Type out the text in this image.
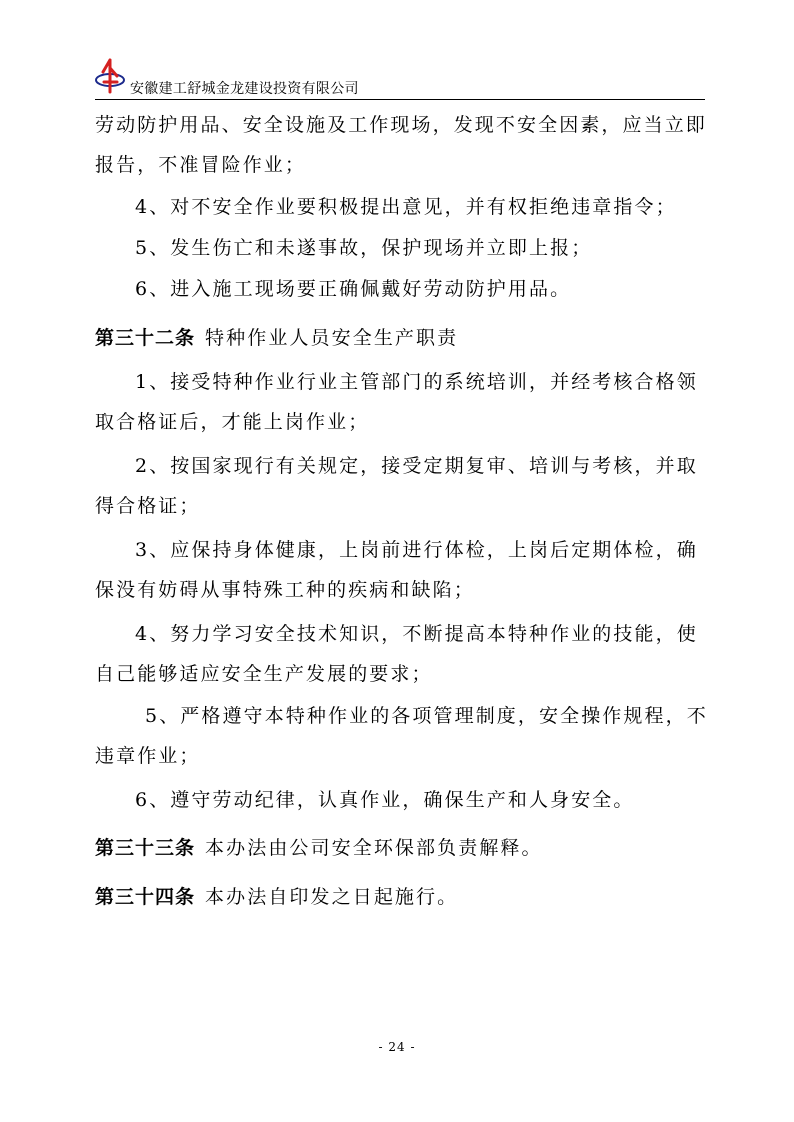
安徽建工舒城金龙建设投资有限公司
劳动防护用品、安全设施及工作现场，发现不安全因素，应当立即
报告，不准冒险作业；
4、对不安全作业要积极提出意见，并有权拒绝违章指令；
5、发生伤亡和未遂事故，保护现场并立即上报；
6、进入施工现场要正确佩戴好劳动防护用品。
第三十二条 特种作业人员安全生产职责
1、接受特种作业行业主管部门的系统培训，并经考核合格领
取合格证后，才能上岗作业；
2、按国家现行有关规定，接受定期复审、培训与考核，并取
得合格证；
3、应保持身体健康，上岗前进行体检，上岗后定期体检，确
保没有妨碍从事特殊工种的疾病和缺陷；
4、努力学习安全技术知识，不断提高本特种作业的技能，使
自己能够适应安全生产发展的要求；
5、严格遵守本特种作业的各项管理制度，安全操作规程，不
违章作业；
6、遵守劳动纪律，认真作业，确保生产和人身安全。
第三十三条 本办法由公司安全环保部负责解释。
第三十四条 本办法自印发之日起施行。
- 24 -
